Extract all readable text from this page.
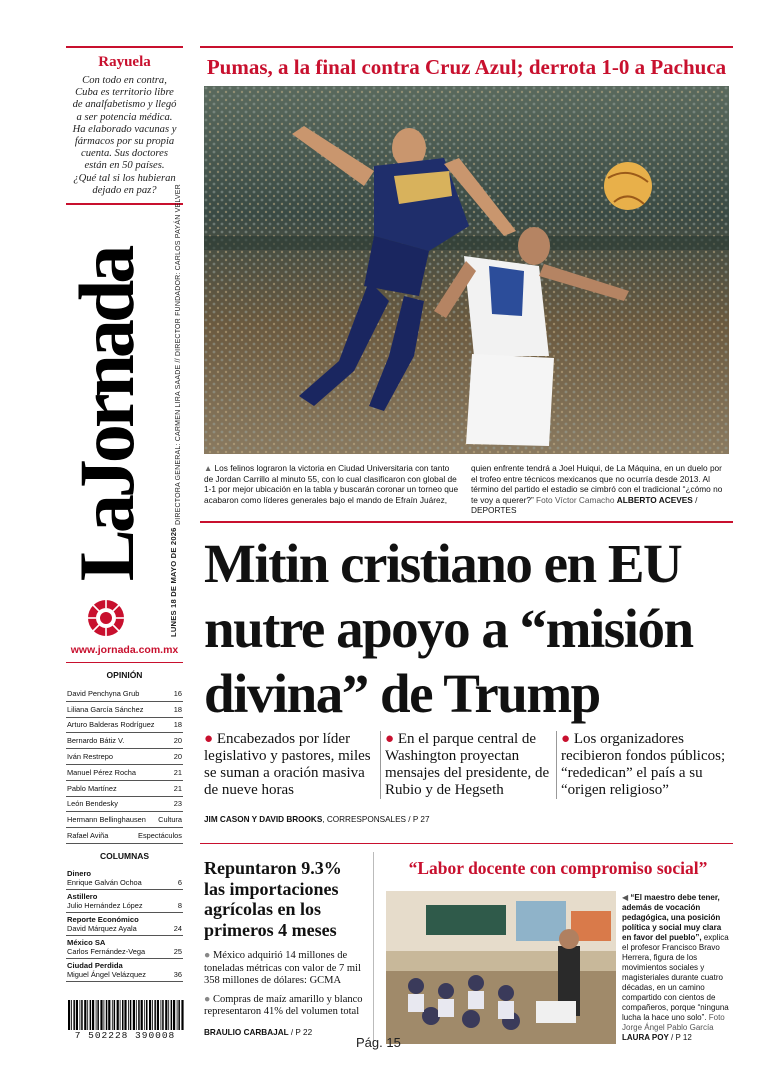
Rayuela
Con todo en contra, Cuba es territorio libre de analfabetismo y llegó a ser potencia médica. Ha elaborado vacunas y fármacos por su propia cuenta. Sus doctores están en 50 países. ¿Qué tal si los hubieran dejado en paz?
LaJornada
LUNES 18 DE MAYO DE 2026
DIRECTORA GENERAL: CARMEN LIRA SAADE // DIRECTOR FUNDADOR: CARLOS PAYÁN VELVER
www.jornada.com.mx
OPINIÓN
David Penchyna Grub	16
Liliana García Sánchez	18
Arturo Balderas Rodríguez	18
Bernardo Bátiz V.	20
Iván Restrepo	20
Manuel Pérez Rocha	21
Pablo Martínez	21
León Bendesky	23
Hermann Bellinghausen Cultura
Rafael Aviña	Espectáculos
COLUMNAS
Dinero
Enrique Galván Ochoa	6
Astillero
Julio Hernández López	8
Reporte Económico
David Márquez Ayala	24
México SA
Carlos Fernández-Vega	25
Ciudad Perdida
Miguel Ángel Velázquez	36
7 502228 390008
Pumas, a la final contra Cruz Azul; derrota 1-0 a Pachuca
▲ Los felinos lograron la victoria en Ciudad Universitaria con tanto de Jordan Carrillo al minuto 55, con lo cual clasificaron con global de 1-1 por mejor ubicación en la tabla y buscarán coronar un torneo que acabaron como líderes generales bajo el mando de Efraín Juárez,
quien enfrente tendrá a Joel Huiqui, de La Máquina, en un duelo por el trofeo entre técnicos mexicanos que no ocurría desde 2013. Al término del partido el estadio se cimbró con el tradicional “¿cómo no te voy a querer?” Foto Víctor Camacho ALBERTO ACEVES / DEPORTES
Mitin cristiano en EU nutre apoyo a “misión divina” de Trump
● Encabezados por líder legislativo y pastores, miles se suman a oración masiva de nueve horas
● En el parque central de Washington proyectan mensajes del presidente, de Rubio y de Hegseth
● Los organizadores recibieron fondos públicos; “rededican” el país a su “origen religioso”
JIM CASON Y DAVID BROOKS, CORRESPONSALES / P 27
Repuntaron 9.3% las importaciones agrícolas en los primeros 4 meses
● México adquirió 14 millones de toneladas métricas con valor de 7 mil 358 millones de dólares: GCMA
● Compras de maíz amarillo y blanco representaron 41% del volumen total
BRAULIO CARBAJAL / P 22
“Labor docente con compromiso social”
◀ “El maestro debe tener, además de vocación pedagógica, una posición política y social muy clara en favor del pueblo”, explica el profesor Francisco Bravo Herrera, figura de los movimientos sociales y magisteriales durante cuatro décadas, en un camino compartido con cientos de compañeros, porque “ninguna lucha la hace uno solo”. Foto Jorge Ángel Pablo García LAURA POY / P 12
Pág. 15
